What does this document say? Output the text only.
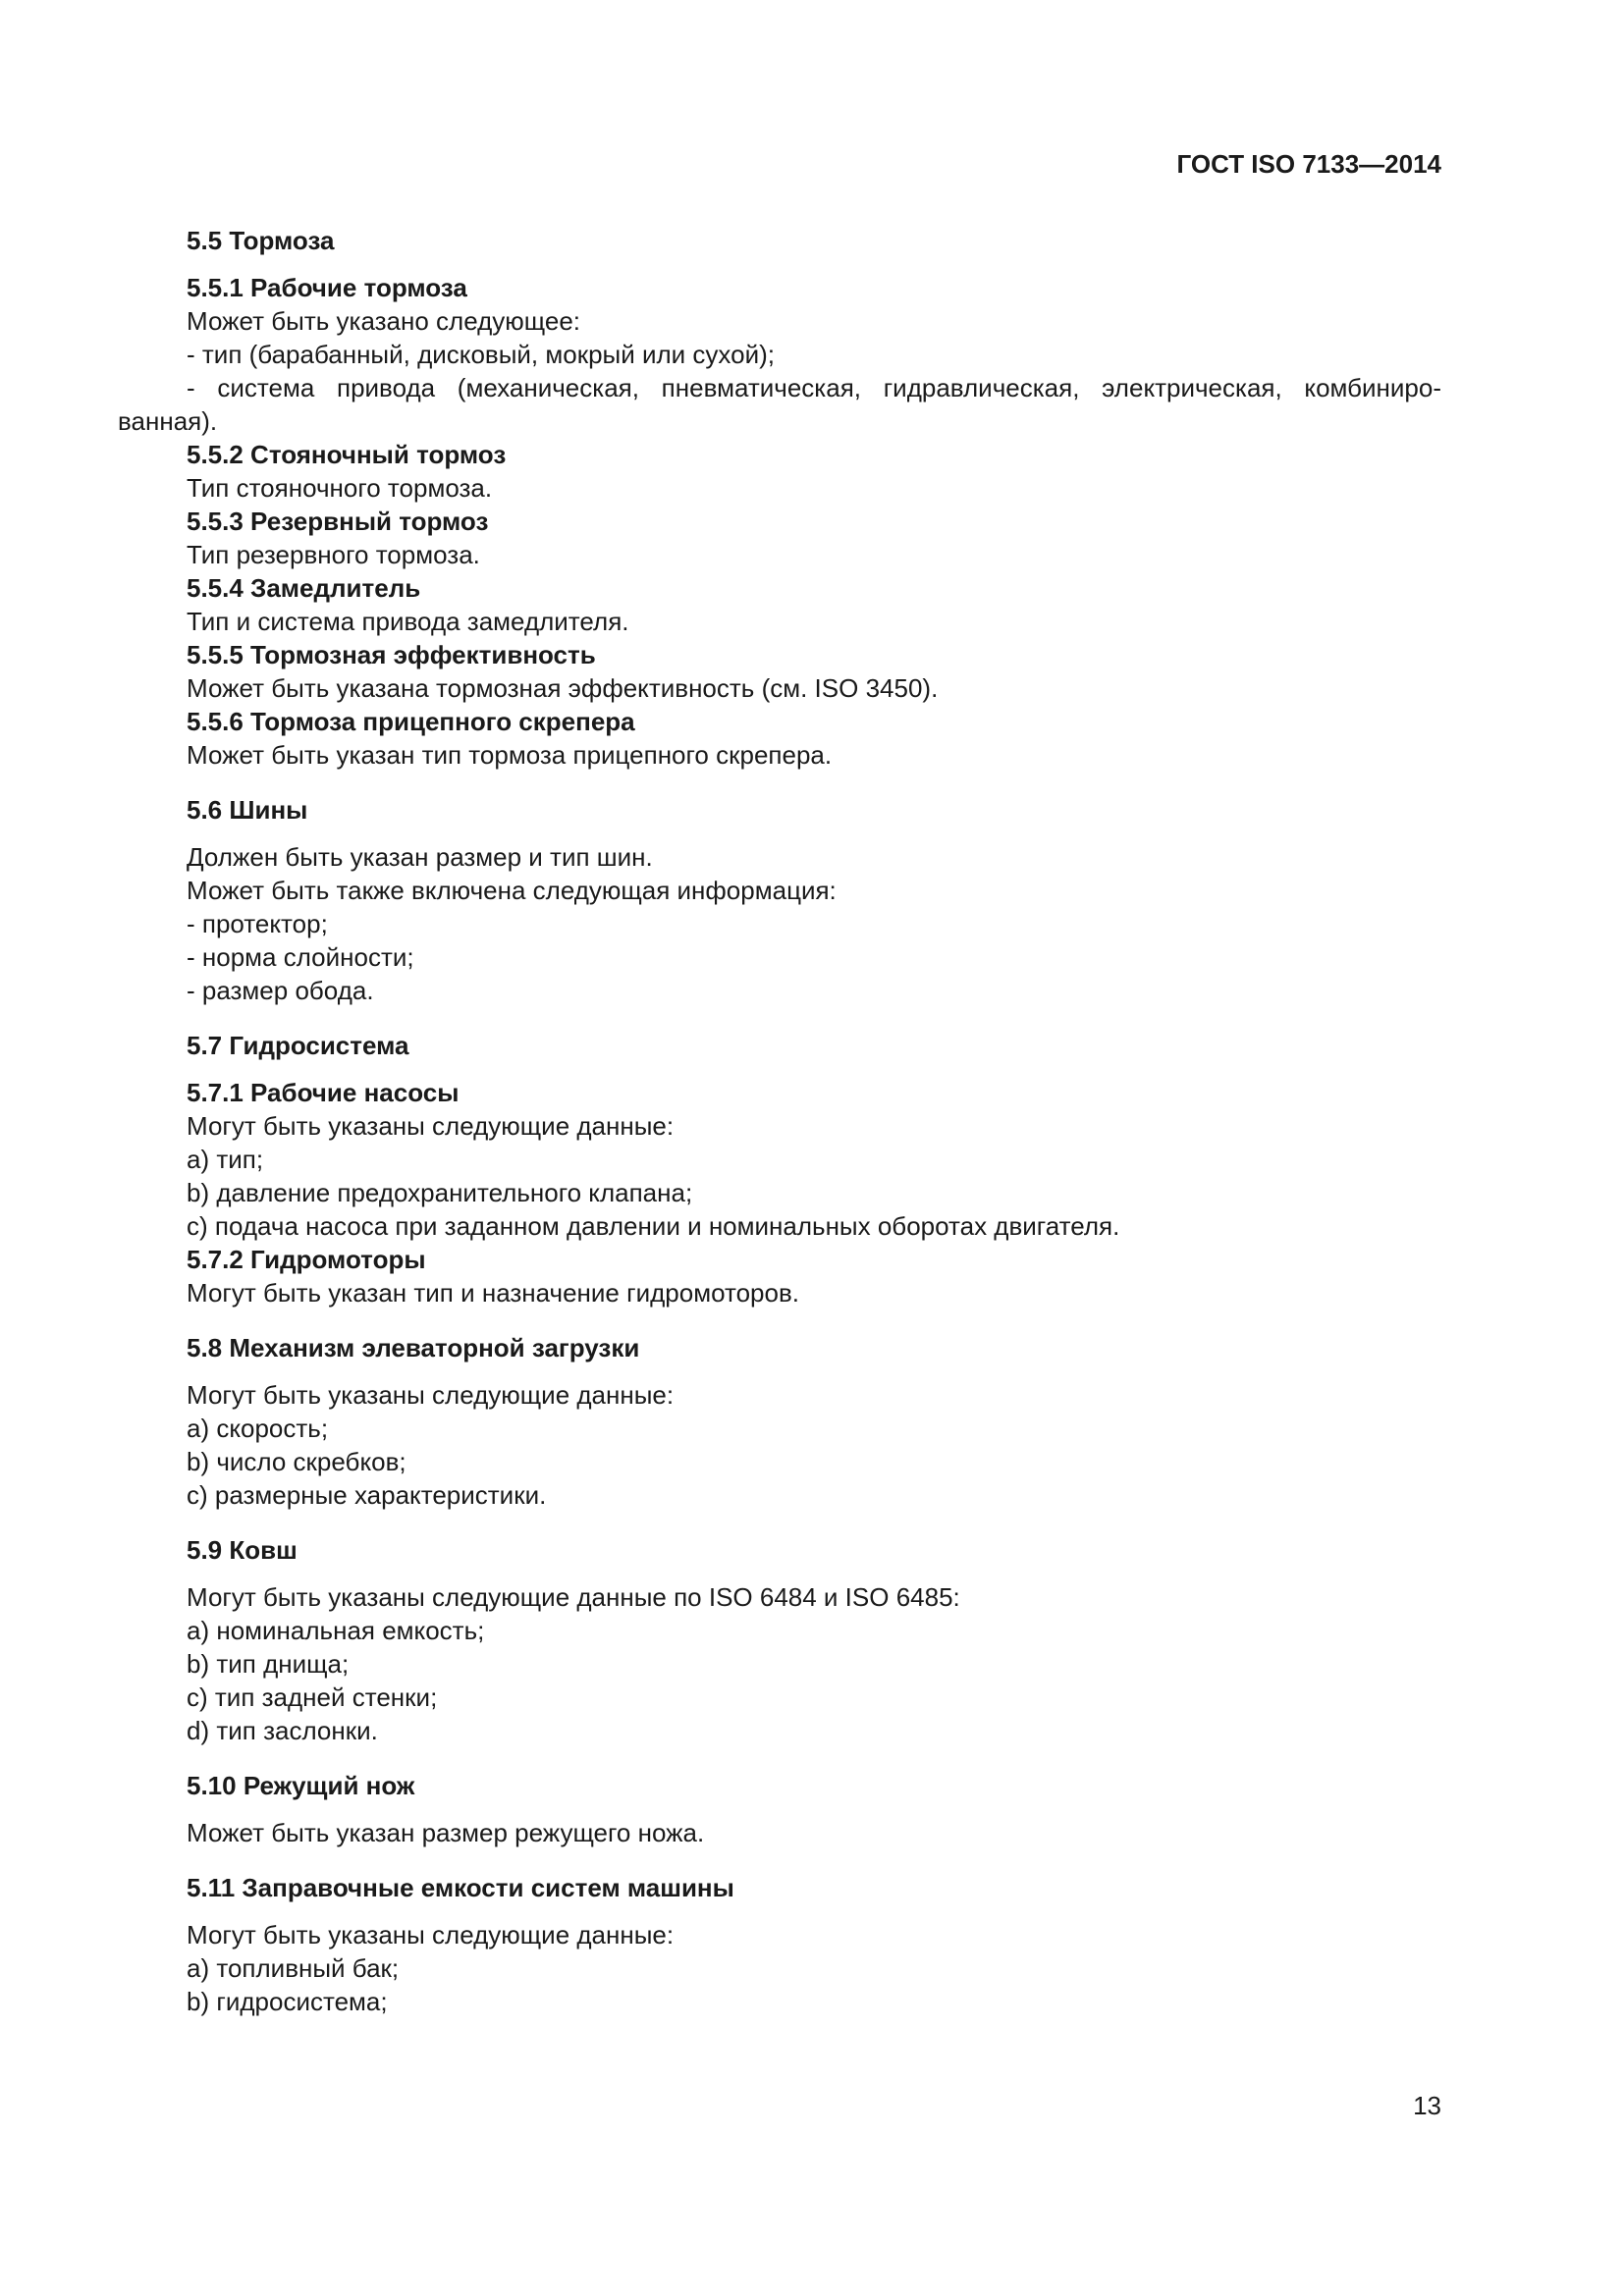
ГОСТ ISO 7133—2014
5.5 Тормоза
5.5.1 Рабочие тормоза
Может быть указано следующее:
- тип (барабанный, дисковый, мокрый или сухой);
- система привода (механическая, пневматическая, гидравлическая, электрическая, комбиниро-
ванная).
5.5.2 Стояночный тормоз
Тип стояночного тормоза.
5.5.3 Резервный тормоз
Тип резервного тормоза.
5.5.4 Замедлитель
Тип и система привода замедлителя.
5.5.5 Тормозная эффективность
Может быть указана тормозная эффективность (см. ISO 3450).
5.5.6 Тормоза прицепного скрепера
Может быть указан тип тормоза прицепного скрепера.
5.6 Шины
Должен быть указан размер и тип шин.
Может быть также включена следующая информация:
- протектор;
- норма слойности;
- размер обода.
5.7 Гидросистема
5.7.1 Рабочие насосы
Могут быть указаны следующие данные:
a) тип;
b) давление предохранительного клапана;
c) подача насоса при заданном давлении и номинальных оборотах двигателя.
5.7.2 Гидромоторы
Могут быть указан тип и назначение гидромоторов.
5.8 Механизм элеваторной загрузки
Могут быть указаны следующие данные:
a) скорость;
b) число скребков;
c) размерные характеристики.
5.9 Ковш
Могут быть указаны следующие данные по ISO 6484 и ISO 6485:
a) номинальная емкость;
b) тип днища;
c) тип задней стенки;
d) тип заслонки.
5.10 Режущий нож
Может быть указан размер режущего ножа.
5.11 Заправочные емкости систем машины
Могут быть указаны следующие данные:
a) топливный бак;
b) гидросистема;
13
